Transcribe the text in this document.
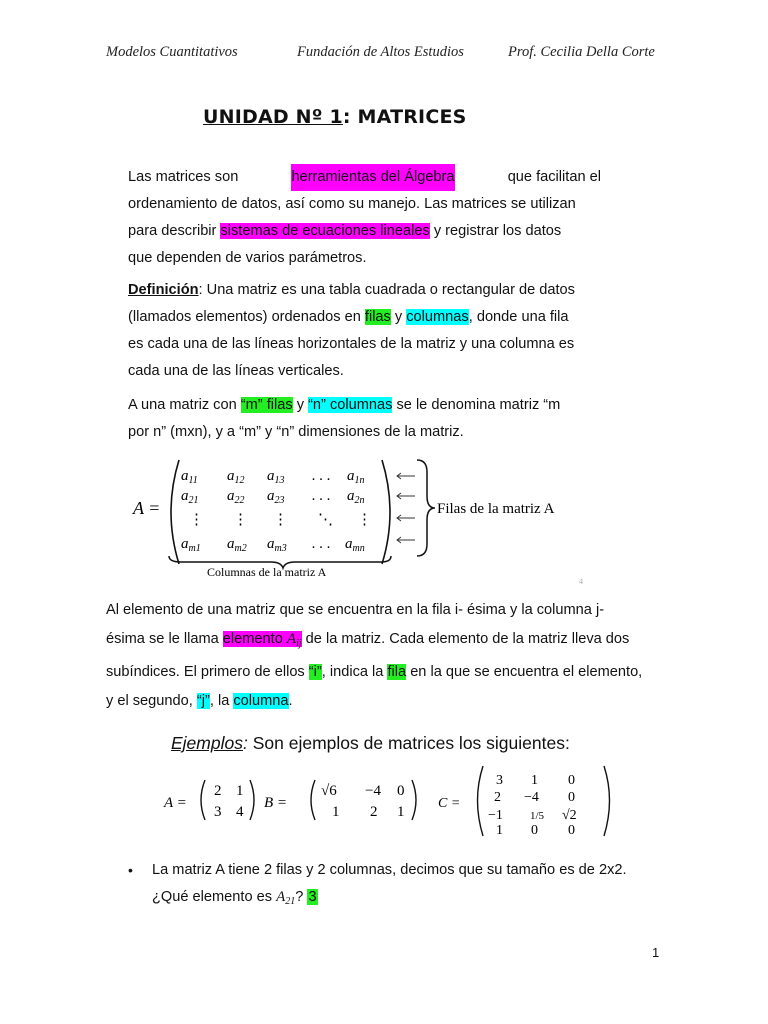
Modelos Cuantitativos	Fundación de Altos Estudios	Prof. Cecilia Della Corte
UNIDAD Nº 1: MATRICES
Las matrices son	herramientas del Álgebra	que facilitan el
ordenamiento de datos, así como su manejo. Las matrices se utilizan
para describir sistemas de ecuaciones lineales y registrar los datos
que dependen de varios parámetros.
Definición: Una matriz es una tabla cuadrada o rectangular de datos
(llamados elementos) ordenados en filas y columnas, donde una fila
es cada una de las líneas horizontales de la matriz y una columna es
cada una de las líneas verticales.
A una matriz con “m” filas y “n” columnas se le denomina matriz “m
por n” (mxn), y a “m” y “n” dimensiones de la matriz.
A =
$a_{11}$ $a_{12}$ $a_{13}$ . . . $a_{1n}$
$a_{21}$ $a_{22}$ $a_{23}$ . . . $a_{2n}$
⋮ ⋮ ⋮ ⋱ ⋮
$a_{m1}$ $a_{m2}$ $a_{m3}$ . . . $a_{mn}$
Filas de la matriz A
Columnas de la matriz A
4
Al elemento de una matriz que se encuentra en la fila i- ésima y la columna j-
ésima se le llama elemento $A_{ij}$ de la matriz. Cada elemento de la matriz lleva dos
subíndices. El primero de ellos “i”, indica la fila en la que se encuentra el elemento,
y el segundo, “j”, la columna.
Ejemplos: Son ejemplos de matrices los siguientes:
A =
2 1
3 4
B =
√6 −4 0
1 2 1
C =
3 1 0
2 −4 0
−1 1/5 √2
1 0 0
• La matriz A tiene 2 filas y 2 columnas, decimos que su tamaño es de 2x2.
¿Qué elemento es $A_{21}$? 3
1
